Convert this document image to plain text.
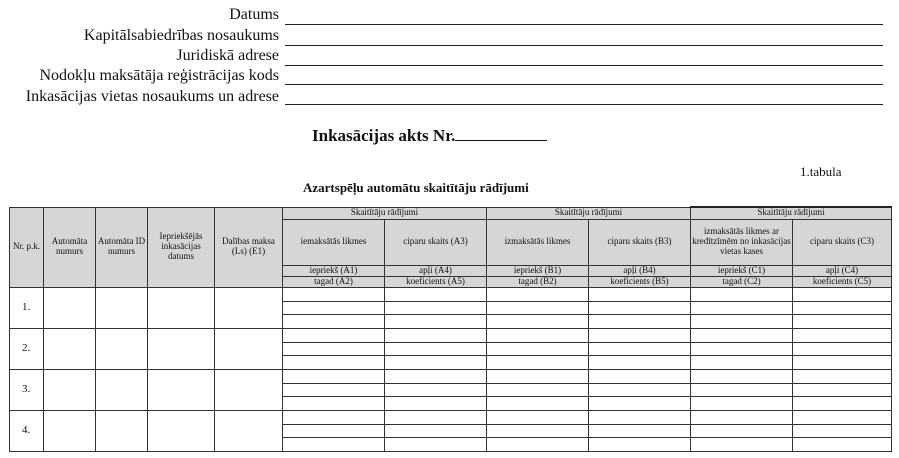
Datums
Kapitālsabiedrības nosaukums
Juridiskā adrese
Nodokļu maksātāja reģistrācijas kods
Inkasācijas vietas nosaukums un adrese
Inkasācijas akts Nr.
1.tabula
Azartspēļu automātu skaitītāju rādījumi
Nr. p.k.	Automāta numurs	Automāta ID numurs	Iepriekšējās inkasācijas datums	Dalības maksa (Ls) (E1)	Skaitītāju rādījumi		Skaitītāju rādījumi		Skaitītāju rādījumi	
					iemaksātās likmes	ciparu skaits (A3)	izmaksātās likmes	ciparu skaits (B3)	izmaksātās likmes ar kredītzīmēm no inkasācijas vietas kases	ciparu skaits (C3)
					iepriekš (A1)	apļi (A4)	iepriekš (B1)	apļi (B4)	iepriekš (C1)	apļi (C4)
					tagad (A2)	koeficients (A5)	tagad (B2)	koeficients (B5)	tagad (C2)	koeficients (C5)
1.					

2.					

3.					

4.					
